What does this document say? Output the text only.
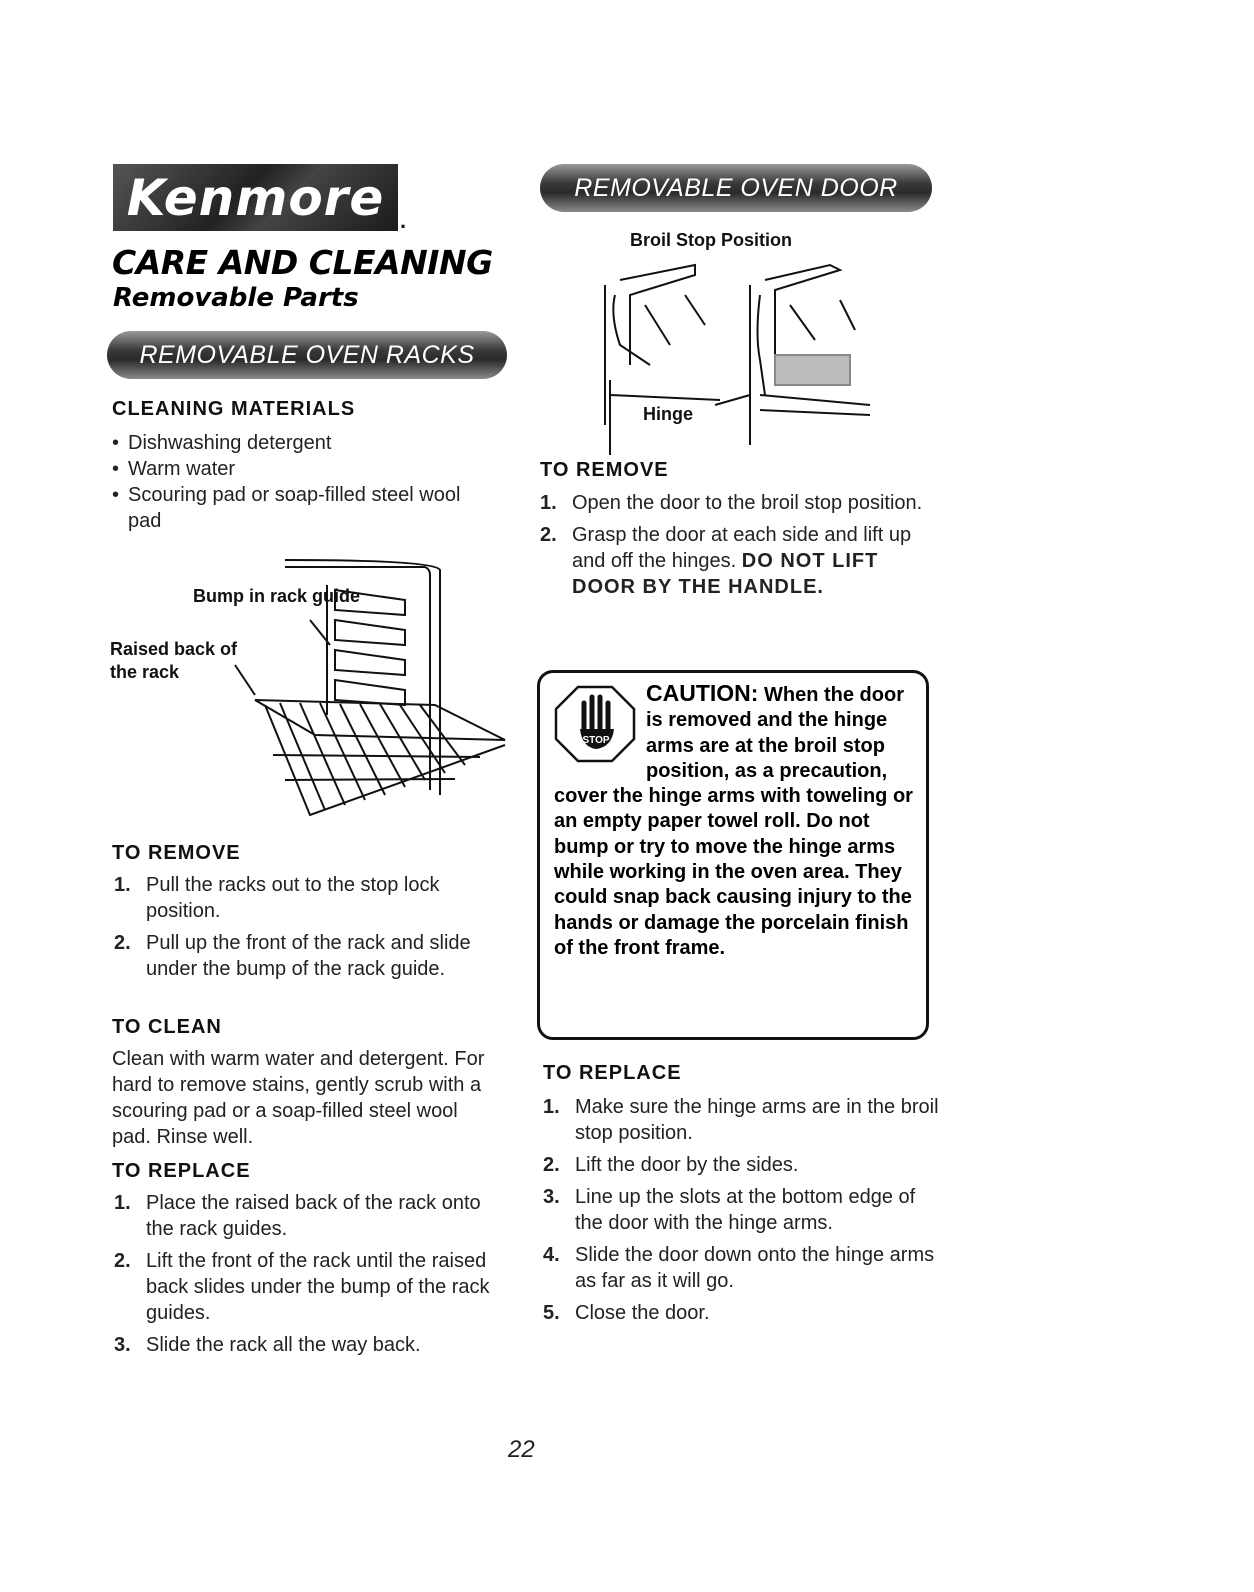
Kenmore .
CARE AND CLEANING
Removable Parts
REMOVABLE OVEN RACKS
CLEANING MATERIALS
• Dishwashing detergent
• Warm water
• Scouring pad or soap-filled steel wool pad
Bump in rack guide
Raised back of the rack
TO REMOVE
1. Pull the racks out to the stop lock position.
2. Pull up the front of the rack and slide under the bump of the rack guide.
TO CLEAN
Clean with warm water and detergent. For hard to remove stains, gently scrub with a scouring pad or a soap-filled steel wool pad. Rinse well.
TO REPLACE
1. Place the raised back of the rack onto the rack guides.
2. Lift the front of the rack until the raised back slides under the bump of the rack guides.
3. Slide the rack all the way back.
REMOVABLE OVEN DOOR
Broil Stop Position
Hinge
TO REMOVE
1. Open the door to the broil stop position.
2. Grasp the door at each side and lift up and off the hinges. DO NOT LIFT DOOR BY THE HANDLE.
STOP
CAUTION: When the door is removed and the hinge arms are at the broil stop position, as a precaution, cover the hinge arms with toweling or an empty paper towel roll. Do not bump or try to move the hinge arms while working in the oven area. They could snap back causing injury to the hands or damage the porcelain finish of the front frame.
TO REPLACE
1. Make sure the hinge arms are in the broil stop position.
2. Lift the door by the sides.
3. Line up the slots at the bottom edge of the door with the hinge arms.
4. Slide the door down onto the hinge arms as far as it will go.
5. Close the door.
22
